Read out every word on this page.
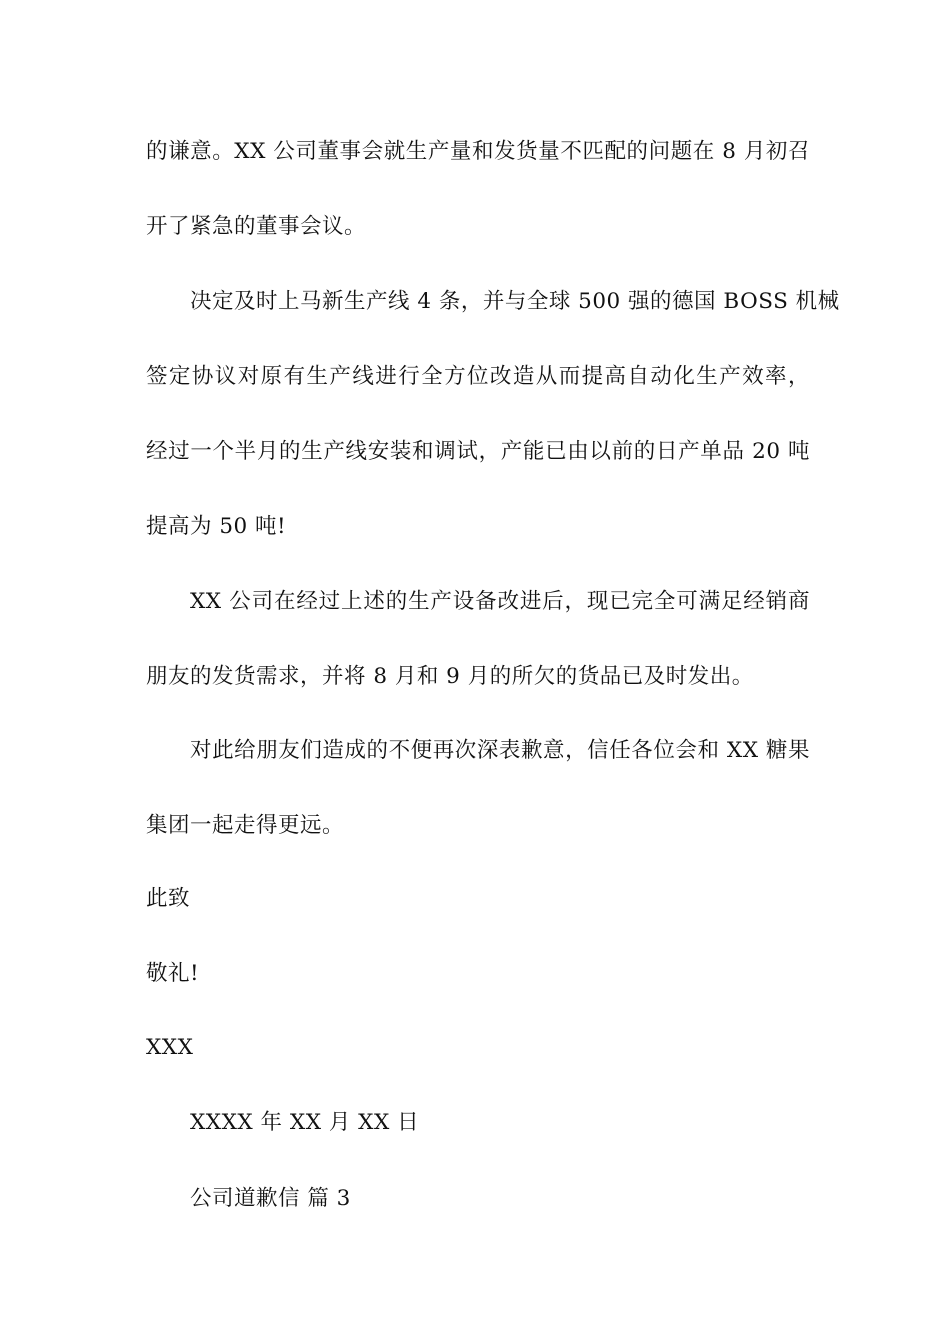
的谦意。XX 公司董事会就生产量和发货量不匹配的问题在 8 月初召
开了紧急的董事会议。
决定及时上马新生产线 4 条，并与全球 500 强的德国 BOSS 机械
签定协议对原有生产线进行全方位改造从而提高自动化生产效率，
经过一个半月的生产线安装和调试，产能已由以前的日产单品 20 吨
提高为 50 吨!
XX 公司在经过上述的生产设备改进后，现已完全可满足经销商
朋友的发货需求，并将 8 月和 9 月的所欠的货品已及时发出。
对此给朋友们造成的不便再次深表歉意，信任各位会和 XX 糖果
集团一起走得更远。
此致
敬礼!
XXX
XXXX 年 XX 月 XX 日
公司道歉信 篇 3
